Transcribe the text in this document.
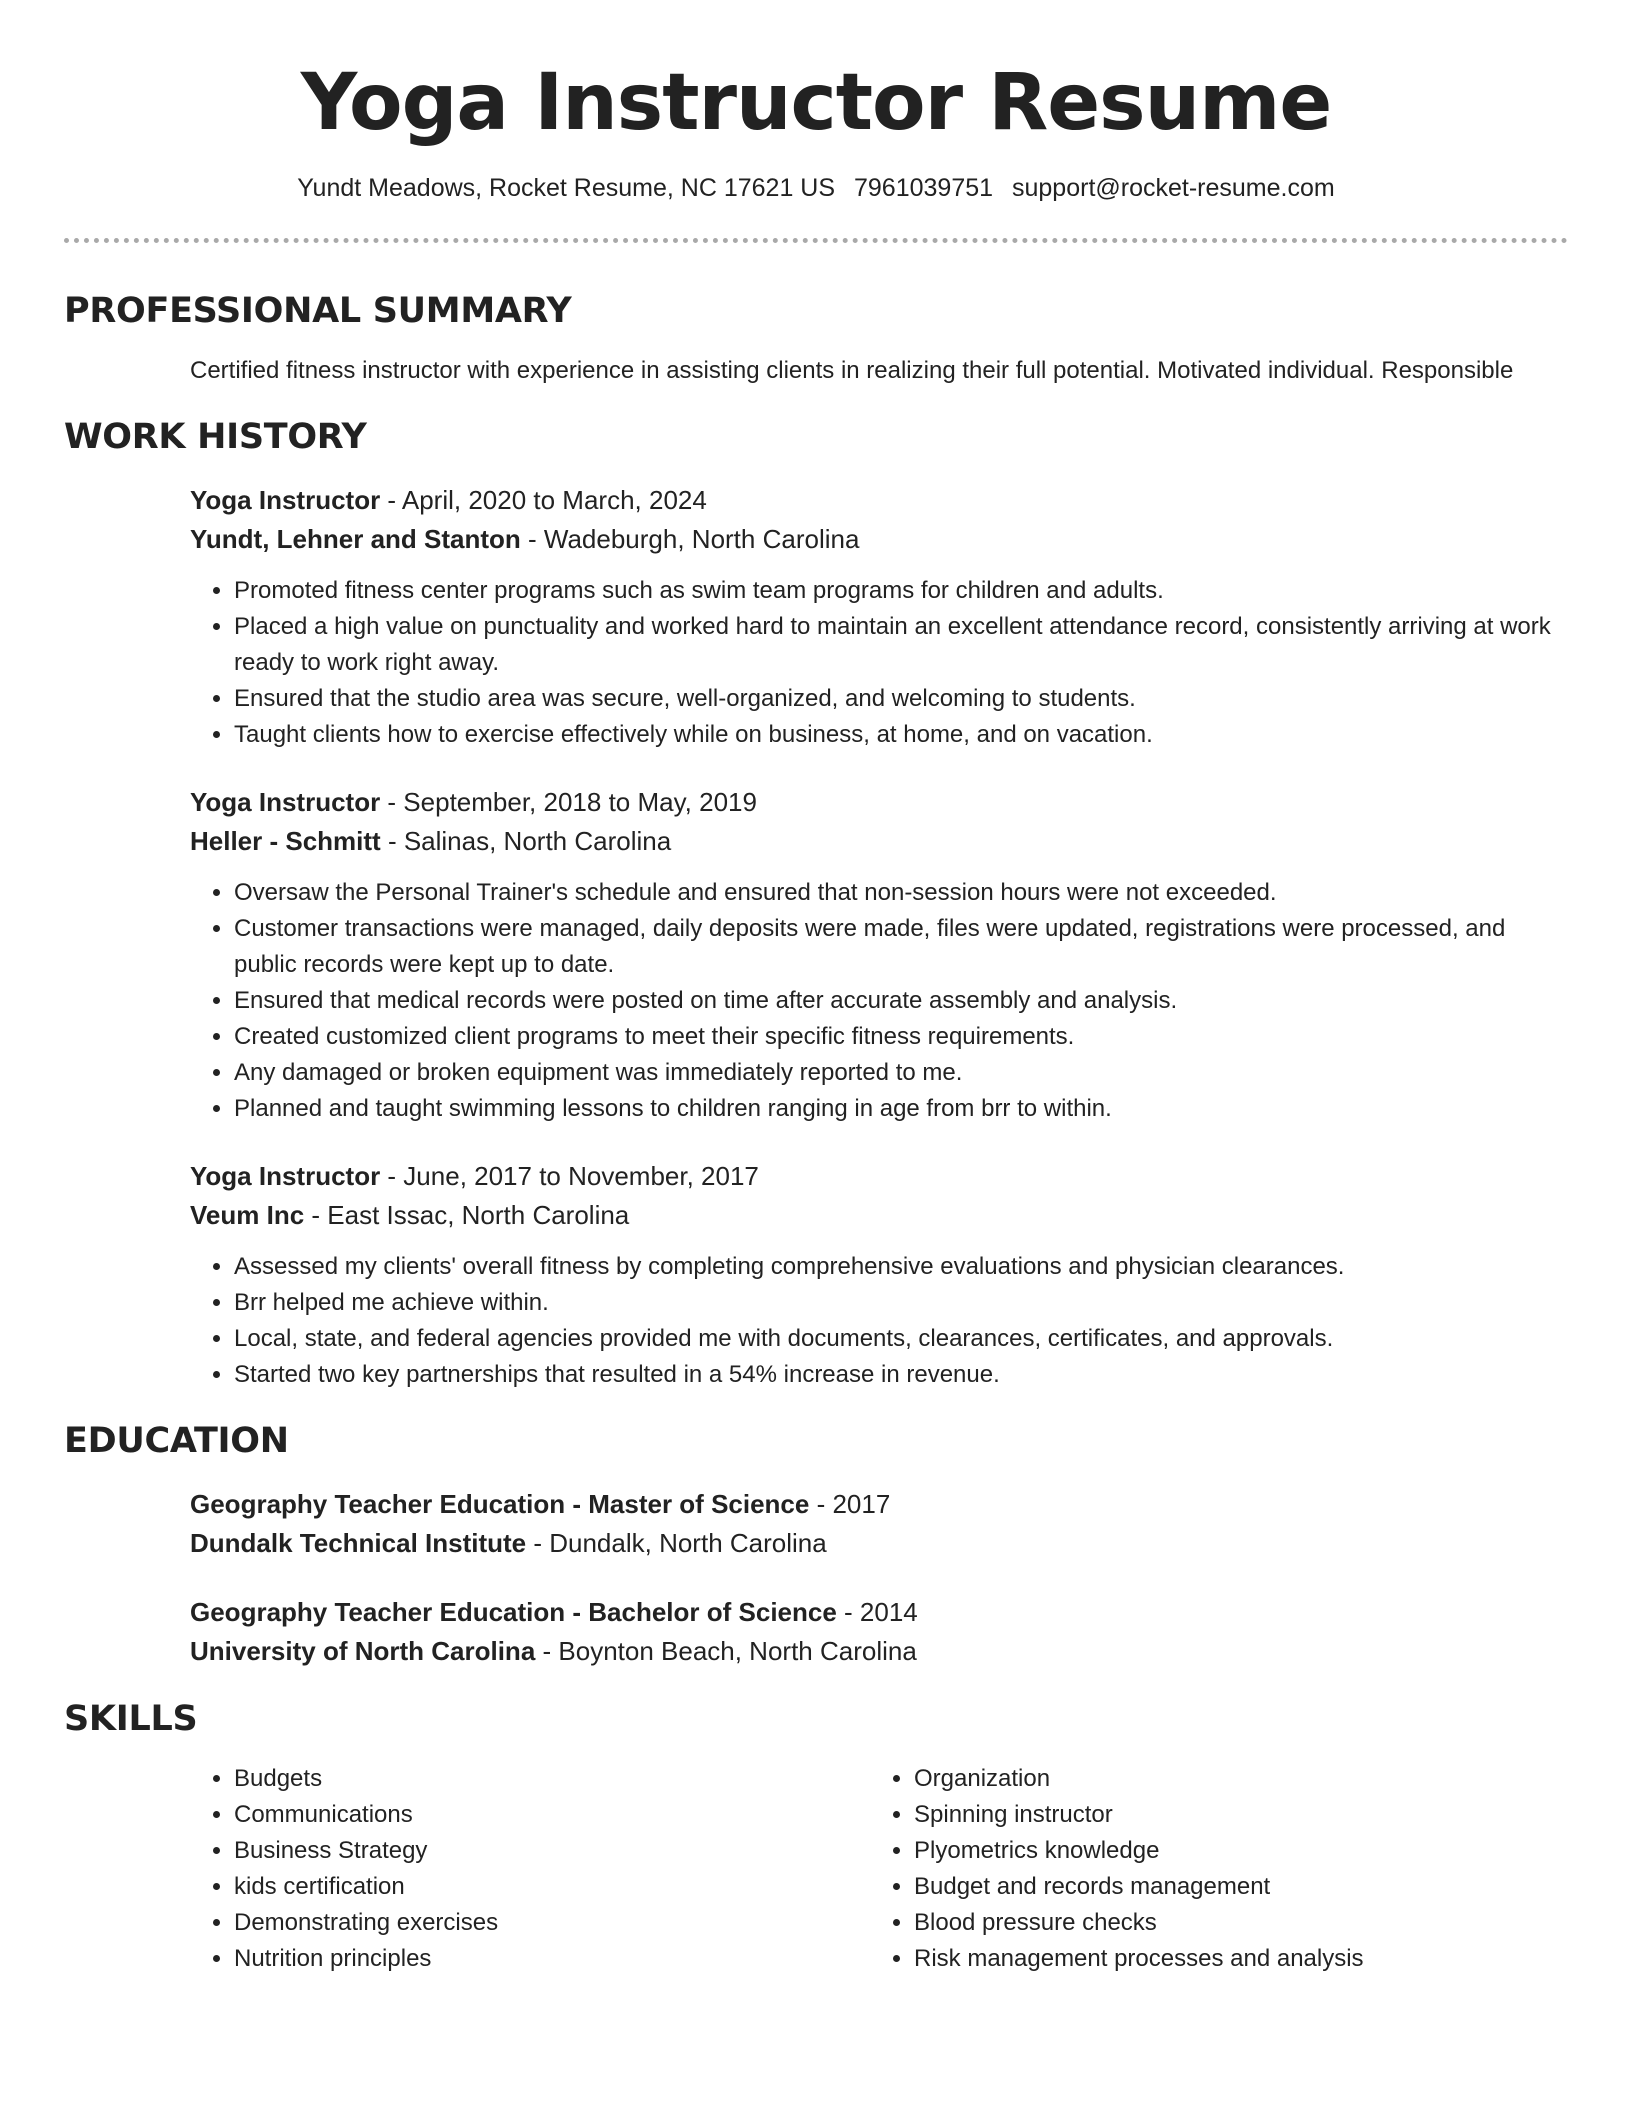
Yoga Instructor Resume
Yundt Meadows, Rocket Resume, NC 17621 US 7961039751 support@rocket-resume.com
PROFESSIONAL SUMMARY
Certified fitness instructor with experience in assisting clients in realizing their full potential. Motivated individual. Responsible
WORK HISTORY
Yoga Instructor - April, 2020 to March, 2024
Yundt, Lehner and Stanton - Wadeburgh, North Carolina
• Promoted fitness center programs such as swim team programs for children and adults.
• Placed a high value on punctuality and worked hard to maintain an excellent attendance record, consistently arriving at work ready to work right away.
• Ensured that the studio area was secure, well-organized, and welcoming to students.
• Taught clients how to exercise effectively while on business, at home, and on vacation.
Yoga Instructor - September, 2018 to May, 2019
Heller - Schmitt - Salinas, North Carolina
• Oversaw the Personal Trainer's schedule and ensured that non-session hours were not exceeded.
• Customer transactions were managed, daily deposits were made, files were updated, registrations were processed, and public records were kept up to date.
• Ensured that medical records were posted on time after accurate assembly and analysis.
• Created customized client programs to meet their specific fitness requirements.
• Any damaged or broken equipment was immediately reported to me.
• Planned and taught swimming lessons to children ranging in age from brr to within.
Yoga Instructor - June, 2017 to November, 2017
Veum Inc - East Issac, North Carolina
• Assessed my clients' overall fitness by completing comprehensive evaluations and physician clearances.
• Brr helped me achieve within.
• Local, state, and federal agencies provided me with documents, clearances, certificates, and approvals.
• Started two key partnerships that resulted in a 54% increase in revenue.
EDUCATION
Geography Teacher Education - Master of Science - 2017
Dundalk Technical Institute - Dundalk, North Carolina
Geography Teacher Education - Bachelor of Science - 2014
University of North Carolina - Boynton Beach, North Carolina
SKILLS
• Budgets
• Communications
• Business Strategy
• kids certification
• Demonstrating exercises
• Nutrition principles
• Organization
• Spinning instructor
• Plyometrics knowledge
• Budget and records management
• Blood pressure checks
• Risk management processes and analysis
